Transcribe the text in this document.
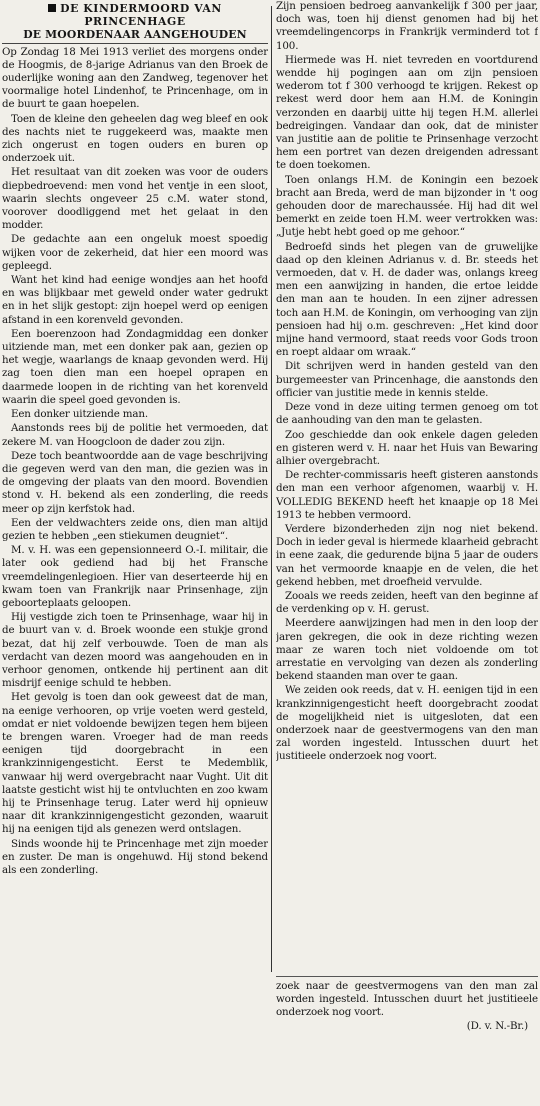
DE KINDERMOORD VAN PRINCENHAGE
DE MOORDENAAR AANGEHOUDEN

Op Zondag 18 Mei 1913 verliet des morgens onder de Hoogmis, de 8-jarige Adrianus van den Broek de ouderlijke woning aan den Zandweg, tegenover het voormalige hotel Lindenhof, te Princenhage, om in de buurt te gaan hoepelen.

Toen de kleine den geheelen dag weg bleef en ook des nachts niet te ruggekeerd was, maakte men zich ongerust en togen ouders en buren op onderzoek uit.

Het resultaat van dit zoeken was voor de ouders diepbedroevend: men vond het ventje in een sloot, waarin slechts ongeveer 25 c.M. water stond, voorover doodliggend met het gelaat in den modder.

De gedachte aan een ongeluk moest spoedig wijken voor de zekerheid, dat hier een moord was gepleegd.

Want het kind had eenige wondjes aan het hoofd en was blijkbaar met geweld onder water gedrukt en in het slijk gestopt: zijn hoepel werd op eenigen afstand in een korenveld gevonden.

Een boerenzoon had Zondagmiddag een donker uitziende man, met een donker pak aan, gezien op het wegje, waarlangs de knaap gevonden werd. Hij zag toen dien man een hoepel oprapen en daarmede loopen in de richting van het korenveld waarin die speel goed gevonden is.

Een donker uitziende man.

Aanstonds rees bij de politie het vermoeden, dat zekere M. van Hoogcloon de dader zou zijn.

Deze toch beantwoordde aan de vage beschrijving die gegeven werd van den man, die gezien was in de omgeving der plaats van den moord. Bovendien stond v. H. bekend als een zonderling, die reeds meer op zijn kerfstok had.

Een der veldwachters zeide ons, dien man altijd gezien te hebben „een stiekumen deugniet“.

M. v. H. was een gepensionneerd O.-I. militair, die later ook gediend had bij het Fransche vreemdelingenlegioen. Hier van deserteerde hij en kwam toen van Frankrijk naar Prinsenhage, zijn geboorteplaats geloopen.

Hij vestigde zich toen te Prinsenhage, waar hij in de buurt van v. d. Broek woonde een stukje grond bezat, dat hij zelf verbouwde. Toen de man als verdacht van dezen moord was aangehouden en in verhoor genomen, ontkende hij pertinent aan dit misdrijf eenige schuld te hebben.

Het gevolg is toen dan ook geweest dat de man, na eenige verhooren, op vrije voeten werd gesteld, omdat er niet voldoende bewijzen tegen hem bijeen te brengen waren. Vroeger had de man reeds eenigen tijd doorgebracht in een krankzinnigengesticht. Eerst te Medemblik, vanwaar hij werd overgebracht naar Vught. Uit dit laatste gesticht wist hij te ontvluchten en zoo kwam hij te Prinsenhage terug. Later werd hij opnieuw naar dit krankzinnigengesticht gezonden, waaruit hij na eenigen tijd als genezen werd ontslagen.

Sinds woonde hij te Princenhage met zijn moeder en zuster. De man is ongehuwd. Hij stond bekend als een zonderling.

Zijn pensioen bedroeg aanvankelijk f 300 per jaar, doch was, toen hij dienst genomen had bij het vreemdelingencorps in Frankrijk verminderd tot f 100.

Hiermede was H. niet tevreden en voortdurend wendde hij pogingen aan om zijn pensioen wederom tot f 300 verhoogd te krijgen. Rekest op rekest werd door hem aan H.M. de Koningin verzonden en daarbij uitte hij tegen H.M. allerlei bedreigingen. Vandaar dan ook, dat de minister van justitie aan de politie te Prinsenhage verzocht hem een portret van dezen dreigenden adressant te doen toekomen.

Toen onlangs H.M. de Koningin een bezoek bracht aan Breda, werd de man bijzonder in 't oog gehouden door de marechaussée. Hij had dit wel bemerkt en zeide toen H.M. weer vertrokken was: „Jutje hebt hebt goed op me gehoor.“

Bedroefd sinds het plegen van de gruwelijke daad op den kleinen Adrianus v. d. Br. steeds het vermoeden, dat v. H. de dader was, onlangs kreeg men een aanwijzing in handen, die ertoe leidde den man aan te houden. In een zijner adressen toch aan H.M. de Koningin, om verhooging van zijn pensioen had hij o.m. geschreven: „Het kind door mijne hand vermoord, staat reeds voor Gods troon en roept aldaar om wraak.“

Dit schrijven werd in handen gesteld van den burgemeester van Princenhage, die aanstonds den officier van justitie mede in kennis stelde.

Deze vond in deze uiting termen genoeg om tot de aanhouding van den man te gelasten.

Zoo geschiedde dan ook enkele dagen geleden en gisteren werd v. H. naar het Huis van Bewaring alhier overgebracht.

De rechter-commissaris heeft gisteren aanstonds den man een verhoor afgenomen, waarbij v. H. VOLLEDIG BEKEND heeft het knaapje op 18 Mei 1913 te hebben vermoord.

Verdere bizonderheden zijn nog niet bekend. Doch in ieder geval is hiermede klaarheid gebracht in eene zaak, die gedurende bijna 5 jaar de ouders van het vermoorde knaapje en de velen, die het gekend hebben, met droefheid vervulde.

Zooals we reeds zeiden, heeft van den beginne af de verdenking op v. H. gerust.

Meerdere aanwijzingen had men in den loop der jaren gekregen, die ook in deze richting wezen maar ze waren toch niet voldoende om tot arrestatie en vervolging van dezen als zonderling bekend staanden man over te gaan.

We zeiden ook reeds, dat v. H. eenigen tijd in een krankzinnigengesticht heeft doorgebracht zoodat de mogelijkheid niet is uitgesloten, dat een onderzoek naar de geestvermogens van den man zal worden ingesteld. Intusschen duurt het justitieele onderzoek nog voort.

zoek naar de geestvermogens van den man zal worden ingesteld. Intusschen duurt het justitieele onderzoek nog voort.
(D. v. N.-Br.)
